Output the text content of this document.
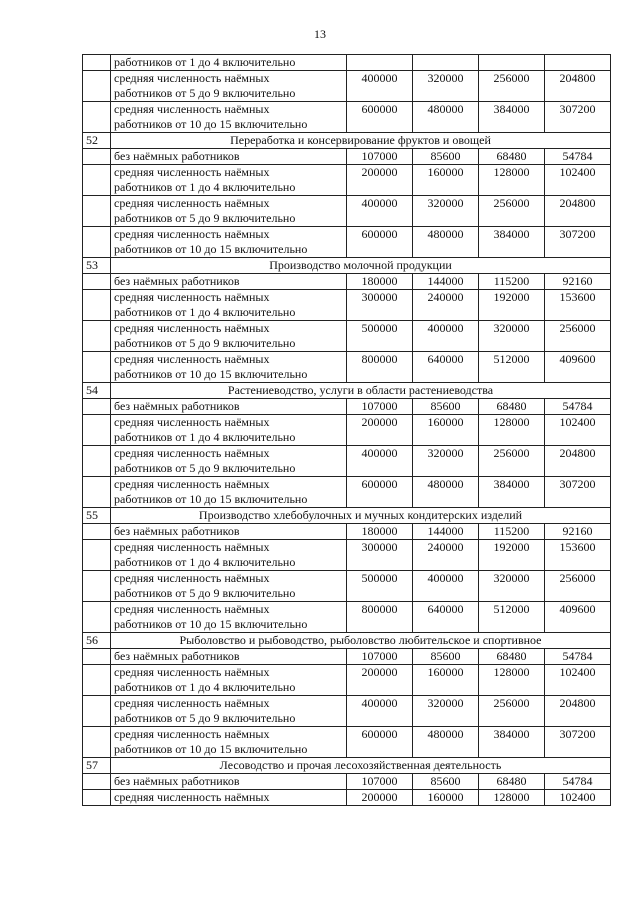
13

	работников от 1 до 4 включительно				

	средняя численность наёмных
работников от 5 до 9 включительно	400000	320000	256000	204800

	средняя численность наёмных
работников от 10 до 15 включительно	600000	480000	384000	307200
52	Переработка и консервирование фруктов и овощей				

	без наёмных работников	107000	85600	68480	54784

	средняя численность наёмных
работников от 1 до 4 включительно	200000	160000	128000	102400

	средняя численность наёмных
работников от 5 до 9 включительно	400000	320000	256000	204800

	средняя численность наёмных
работников от 10 до 15 включительно	600000	480000	384000	307200
53	Производство молочной продукции				

	без наёмных работников	180000	144000	115200	92160

	средняя численность наёмных
работников от 1 до 4 включительно	300000	240000	192000	153600

	средняя численность наёмных
работников от 5 до 9 включительно	500000	400000	320000	256000

	средняя численность наёмных
работников от 10 до 15 включительно	800000	640000	512000	409600
54	Растениеводство, услуги в области растениеводства				

	без наёмных работников	107000	85600	68480	54784

	средняя численность наёмных
работников от 1 до 4 включительно	200000	160000	128000	102400

	средняя численность наёмных
работников от 5 до 9 включительно	400000	320000	256000	204800

	средняя численность наёмных
работников от 10 до 15 включительно	600000	480000	384000	307200
55	Производство хлебобулочных и мучных кондитерских изделий				

	без наёмных работников	180000	144000	115200	92160

	средняя численность наёмных
работников от 1 до 4 включительно	300000	240000	192000	153600

	средняя численность наёмных
работников от 5 до 9 включительно	500000	400000	320000	256000

	средняя численность наёмных
работников от 10 до 15 включительно	800000	640000	512000	409600
56	Рыболовство и рыбоводство, рыболовство любительское и спортивное				

	без наёмных работников	107000	85600	68480	54784

	средняя численность наёмных
работников от 1 до 4 включительно	200000	160000	128000	102400

	средняя численность наёмных
работников от 5 до 9 включительно	400000	320000	256000	204800

	средняя численность наёмных
работников от 10 до 15 включительно	600000	480000	384000	307200
57	Лесоводство и прочая лесохозяйственная деятельность				

	без наёмных работников	107000	85600	68480	54784

	средняя численность наёмных	200000	160000	128000	102400
